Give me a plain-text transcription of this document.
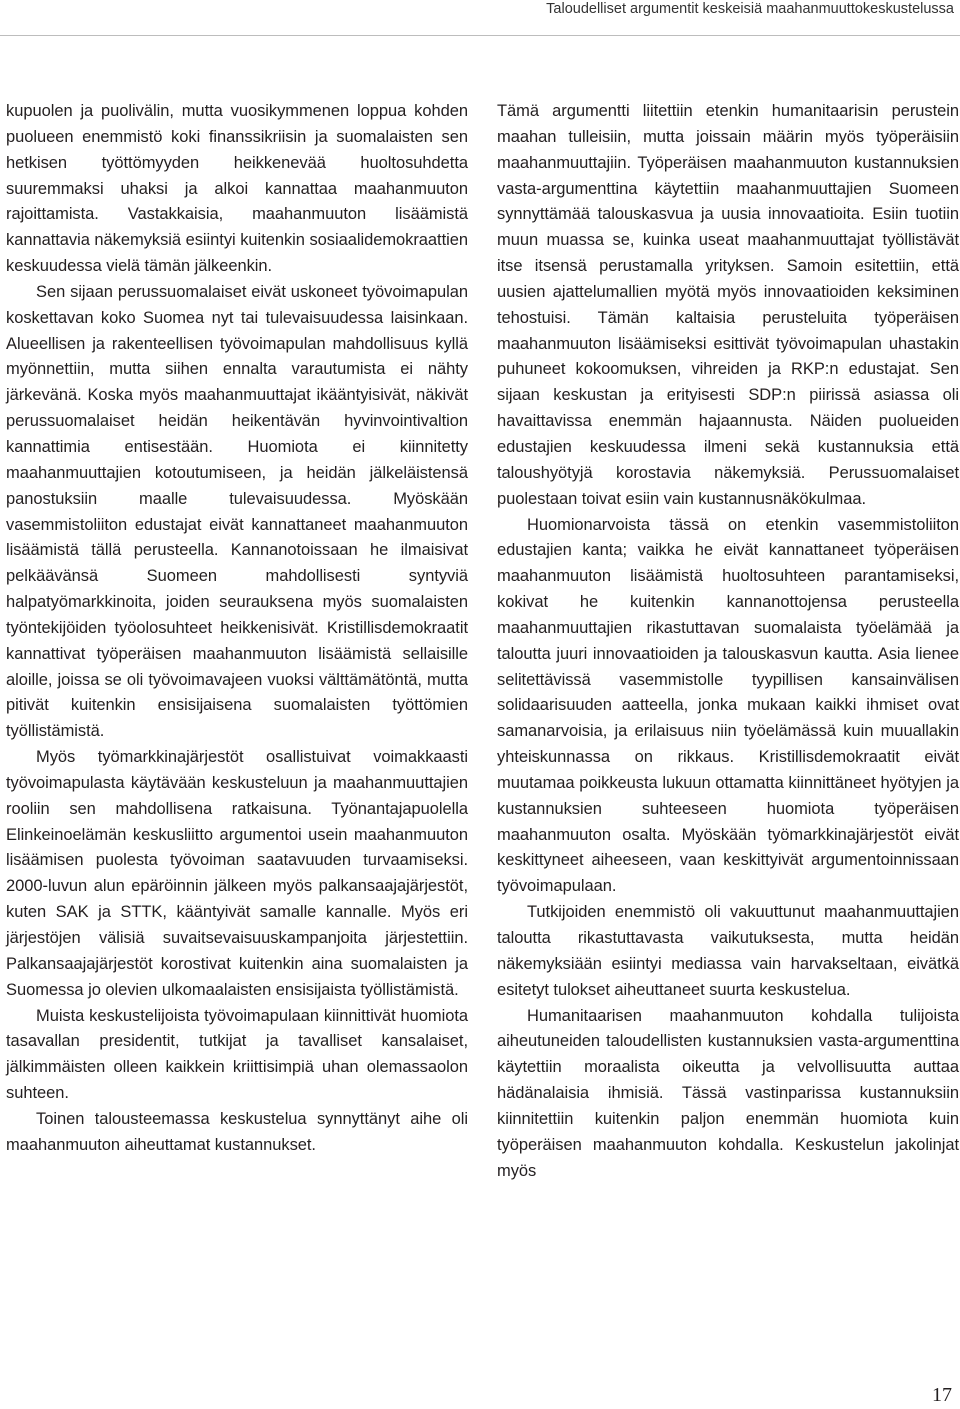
Taloudelliset argumentit keskeisiä maahanmuuttokeskustelussa

kupuolen ja puolivälin, mutta vuosikymmenen loppua kohden puolueen enemmistö koki finanssikriisin ja suomalaisten sen hetkisen työttömyyden heikkenevää huoltosuhdetta suuremmaksi uhaksi ja alkoi kannattaa maahanmuuton rajoittamista. Vastakkaisia, maahanmuuton lisäämistä kannattavia näkemyksiä esiintyi kuitenkin sosiaalidemokraattien keskuudessa vielä tämän jälkeenkin.

Sen sijaan perussuomalaiset eivät uskoneet työvoimapulan koskettavan koko Suomea nyt tai tulevaisuudessa laisinkaan. Alueellisen ja rakenteellisen työvoimapulan mahdollisuus kyllä myönnettiin, mutta siihen ennalta varautumista ei nähty järkevänä. Koska myös maahanmuuttajat ikääntyisivät, näkivät perussuomalaiset heidän heikentävän hyvinvointivaltion kannattimia entisestään. Huomiota ei kiinnitetty maahanmuuttajien kotoutumiseen, ja heidän jälkeläistensä panostuksiin maalle tulevaisuudessa. Myöskään vasemmistoliiton edustajat eivät kannattaneet maahanmuuton lisäämistä tällä perusteella. Kannanotoissaan he ilmaisivat pelkäävänsä Suomeen mahdollisesti syntyviä halpatyömarkkinoita, joiden seurauksena myös suomalaisten työntekijöiden työolosuhteet heikkenisivät. Kristillisdemokraatit kannattivat työperäisen maahanmuuton lisäämistä sellaisille aloille, joissa se oli työvoimavajeen vuoksi välttämätöntä, mutta pitivät kuitenkin ensisijaisena suomalaisten työttömien työllistämistä.

Myös työmarkkinajärjestöt osallistuivat voimakkaasti työvoimapulasta käytävään keskusteluun ja maahanmuuttajien rooliin sen mahdollisena ratkaisuna. Työnantajapuolella Elinkeinoelämän keskusliitto argumentoi usein maahanmuuton lisäämisen puolesta työvoiman saatavuuden turvaamiseksi. 2000-luvun alun epäröinnin jälkeen myös palkansaajajärjestöt, kuten SAK ja STTK, kääntyivät samalle kannalle. Myös eri järjestöjen välisiä suvaitsevaisuuskampanjoita järjestettiin. Palkansaajajärjestöt korostivat kuitenkin aina suomalaisten ja Suomessa jo olevien ulkomaalaisten ensisijaista työllistämistä.

Muista keskustelijoista työvoimapulaan kiinnittivät huomiota tasavallan presidentit, tutkijat ja tavalliset kansalaiset, jälkimmäisten olleen kaikkein kriittisimpiä uhan olemassaolon suhteen.

Toinen talousteemassa keskustelua synnyttänyt aihe oli maahanmuuton aiheuttamat kustannukset.

Tämä argumentti liitettiin etenkin humanitaarisin perustein maahan tulleisiin, mutta joissain määrin myös työperäisiin maahanmuuttajiin. Työperäisen maahanmuuton kustannuksien vasta-argumenttina käytettiin maahanmuuttajien Suomeen synnyttämää talouskasvua ja uusia innovaatioita. Esiin tuotiin muun muassa se, kuinka useat maahanmuuttajat työllistävät itse itsensä perustamalla yrityksen. Samoin esitettiin, että uusien ajattelumallien myötä myös innovaatioiden keksiminen tehostuisi. Tämän kaltaisia perusteluita työperäisen maahanmuuton lisäämiseksi esittivät työvoimapulan uhastakin puhuneet kokoomuksen, vihreiden ja RKP:n edustajat. Sen sijaan keskustan ja erityisesti SDP:n piirissä asiassa oli havaittavissa enemmän hajaannusta. Näiden puolueiden edustajien keskuudessa ilmeni sekä kustannuksia että taloushyötyjä korostavia näkemyksiä. Perussuomalaiset puolestaan toivat esiin vain kustannusnäkökulmaa.

Huomionarvoista tässä on etenkin vasemmistoliiton edustajien kanta; vaikka he eivät kannattaneet työperäisen maahanmuuton lisäämistä huoltosuhteen parantamiseksi, kokivat he kuitenkin kannanottojensa perusteella maahanmuuttajien rikastuttavan suomalaista työelämää ja taloutta juuri innovaatioiden ja talouskasvun kautta. Asia lienee selitettävissä vasemmistolle tyypillisen kansainvälisen solidaarisuuden aatteella, jonka mukaan kaikki ihmiset ovat samanarvoisia, ja erilaisuus niin työelämässä kuin muuallakin yhteiskunnassa on rikkaus. Kristillisdemokraatit eivät muutamaa poikkeusta lukuun ottamatta kiinnittäneet hyötyjen ja kustannuksien suhteeseen huomiota työperäisen maahanmuuton osalta. Myöskään työmarkkinajärjestöt eivät keskittyneet aiheeseen, vaan keskittyivät argumentoinnissaan työvoimapulaan.

Tutkijoiden enemmistö oli vakuuttunut maahanmuuttajien taloutta rikastuttavasta vaikutuksesta, mutta heidän näkemyksiään esiintyi mediassa vain harvakseltaan, eivätkä esitetyt tulokset aiheuttaneet suurta keskustelua.

Humanitaarisen maahanmuuton kohdalla tulijoista aiheutuneiden taloudellisten kustannuksien vasta-argumenttina käytettiin moraalista oikeutta ja velvollisuutta auttaa hädänalaisia ihmisiä. Tässä vastinparissa kustannuksiin kiinnitettiin kuitenkin paljon enemmän huomiota kuin työperäisen maahanmuuton kohdalla. Keskustelun jakolinjat myös

17
